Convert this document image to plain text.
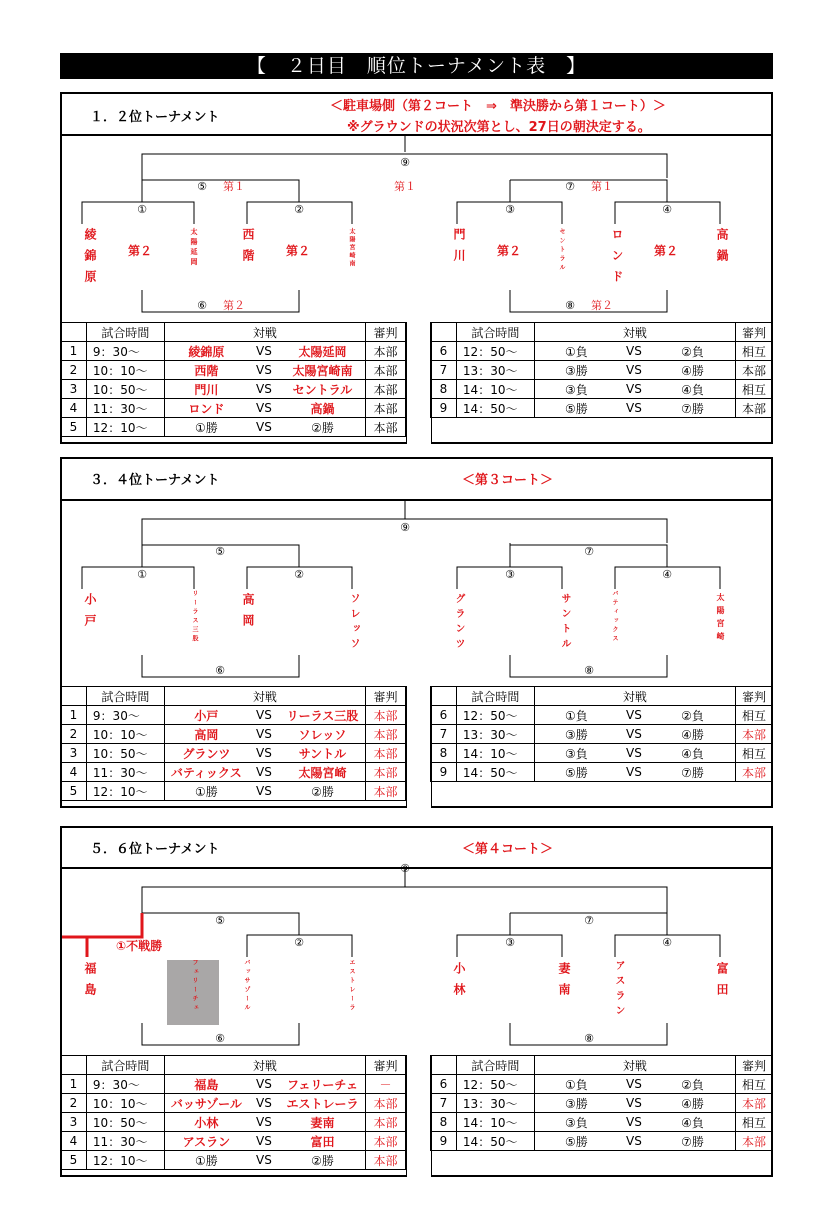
【　２日目　順位トーナメント表　】
１．２位トーナメント
＜駐車場側（第２コート　⇒　準決勝から第１コート）＞
※グラウンドの状況次第とし、27日の朝決定する。
⑨
⑤ 第１	第１	⑦ 第１
①	②	③	④
⑥ 第２	⑧ 第２
綾錦原	太陽延岡	西階	太陽宮崎南	門川	セントラル	ロンド	高鍋
第２	第２	第２	第２
	試合時間	対戦			審判
1	9：30～	綾錦原	VS	太陽延岡	本部
2	10：10～	西階	VS	太陽宮崎南	本部
3	10：50～	門川	VS	セントラル	本部
4	11：30～	ロンド	VS	高鍋	本部
5	12：10～	①勝	VS	②勝	本部
	試合時間	対戦			審判
6	12：50～	①負	VS	②負	相互
7	13：30～	③勝	VS	④勝	本部
8	14：10～	③負	VS	④負	相互
9	14：50～	⑤勝	VS	⑦勝	本部

３．４位トーナメント	＜第３コート＞
⑨
⑤	⑦
①	②	③	④
⑥	⑧
小戸	リーラス三股	高岡	ソレッソ	グランツ	サントル	バティックス	太陽宮崎
	試合時間	対戦			審判
1	9：30～	小戸	VS	リーラス三股	本部
2	10：10～	高岡	VS	ソレッソ	本部
3	10：50～	グランツ	VS	サントル	本部
4	11：30～	バティックス	VS	太陽宮崎	本部
5	12：10～	①勝	VS	②勝	本部
	試合時間	対戦			審判
6	12：50～	①負	VS	②負	相互
7	13：30～	③勝	VS	④勝	本部
8	14：10～	③負	VS	④負	相互
9	14：50～	⑤勝	VS	⑦勝	本部

５．６位トーナメント	＜第４コート＞
⑨
⑤	⑦
①不戦勝	②	③	④
⑥	⑧
福島	フェリーチェ	バッサゾール	エストレーラ	小林	妻南	アスラン	富田
	試合時間	対戦			審判
1	9：30～	福島	VS	フェリーチェ	－
2	10：10～	バッサゾール	VS	エストレーラ	本部
3	10：50～	小林	VS	妻南	本部
4	11：30～	アスラン	VS	富田	本部
5	12：10～	①勝	VS	②勝	本部
	試合時間	対戦			審判
6	12：50～	①負	VS	②負	相互
7	13：30～	③勝	VS	④勝	本部
8	14：10～	③負	VS	④負	相互
9	14：50～	⑤勝	VS	⑦勝	本部
